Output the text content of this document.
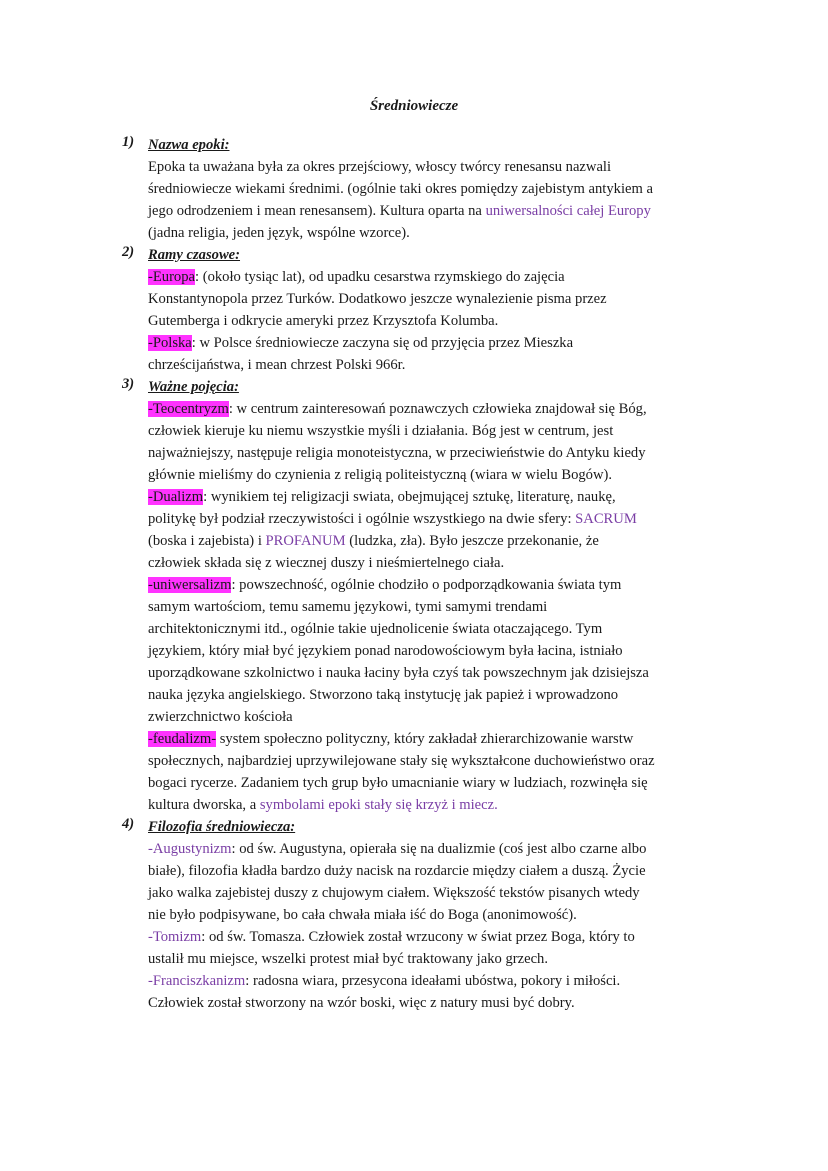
Średniowiecze
1) Nazwa epoki:
Epoka ta uważana była za okres przejściowy, włoscy twórcy renesansu nazwali
średniowiecze wiekami średnimi. (ogólnie taki okres pomiędzy zajebistym antykiem a
jego odrodzeniem i mean renesansem). Kultura oparta na uniwersalności całej Europy
(jadna religia, jeden język, wspólne wzorce).
2) Ramy czasowe:
-Europa: (około tysiąc lat), od upadku cesarstwa rzymskiego do zajęcia
Konstantynopola przez Turków. Dodatkowo jeszcze wynalezienie pisma przez
Gutemberga i odkrycie ameryki przez Krzysztofa Kolumba.
-Polska: w Polsce średniowiecze zaczyna się od przyjęcia przez Mieszka
chrześcijaństwa, i mean chrzest Polski 966r.
3) Ważne pojęcia:
-Teocentryzm: w centrum zainteresowań poznawczych człowieka znajdował się Bóg,
człowiek kieruje ku niemu wszystkie myśli i działania. Bóg jest w centrum, jest
najważniejszy, następuje religia monoteistyczna, w przeciwieństwie do Antyku kiedy
głównie mieliśmy do czynienia z religią politeistyczną (wiara w wielu Bogów).
-Dualizm: wynikiem tej religizacji swiata, obejmującej sztukę, literaturę, naukę,
politykę był podział rzeczywistości i ogólnie wszystkiego na dwie sfery: SACRUM
(boska i zajebista) i PROFANUM (ludzka, zła). Było jeszcze przekonanie, że
człowiek składa się z wiecznej duszy i nieśmiertelnego ciała.
-uniwersalizm: powszechność, ogólnie chodziło o podporządkowania świata tym
samym wartościom, temu samemu językowi, tymi samymi trendami
architektonicznymi itd., ogólnie takie ujednolicenie świata otaczającego. Tym
językiem, który miał być językiem ponad narodowościowym była łacina, istniało
uporządkowane szkolnictwo i nauka łaciny była czyś tak powszechnym jak dzisiejsza
nauka języka angielskiego. Stworzono taką instytucję jak papież i wprowadzono
zwierzchnictwo kościoła
-feudalizm- system społeczno polityczny, który zakładał zhierarchizowanie warstw
społecznych, najbardziej uprzywilejowane stały się wykształcone duchowieństwo oraz
bogaci rycerze. Zadaniem tych grup było umacnianie wiary w ludziach, rozwinęła się
kultura dworska, a symbolami epoki stały się krzyż i miecz.
4) Filozofia średniowiecza:
-Augustynizm: od św. Augustyna, opierała się na dualizmie (coś jest albo czarne albo
białe), filozofia kładła bardzo duży nacisk na rozdarcie między ciałem a duszą. Życie
jako walka zajebistej duszy z chujowym ciałem. Większość tekstów pisanych wtedy
nie było podpisywane, bo cała chwała miała iść do Boga (anonimowość).
-Tomizm: od św. Tomasza. Człowiek został wrzucony w świat przez Boga, który to
ustalił mu miejsce, wszelki protest miał być traktowany jako grzech.
-Franciszkanizm: radosna wiara, przesycona ideałami ubóstwa, pokory i miłości.
Człowiek został stworzony na wzór boski, więc z natury musi być dobry.
